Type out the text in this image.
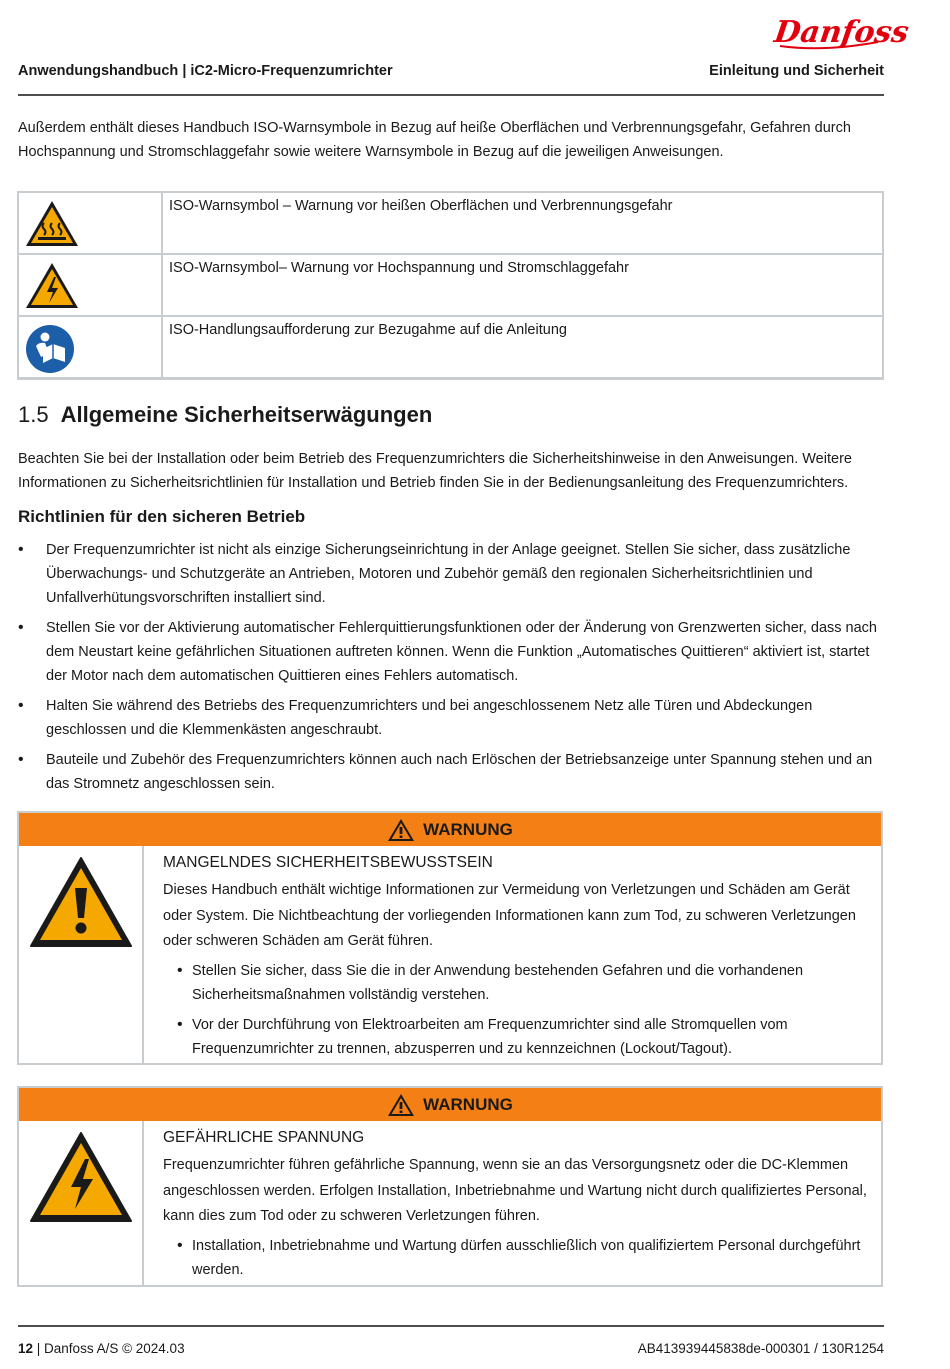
Danfoss
Anwendungshandbuch | iC2-Micro-Frequenzumrichter	Einleitung und Sicherheit
Außerdem enthält dieses Handbuch ISO-Warnsymbole in Bezug auf heiße Oberflächen und Verbrennungsgefahr, Gefahren durch Hochspannung und Stromschlaggefahr sowie weitere Warnsymbole in Bezug auf die jeweiligen Anweisungen.
	ISO-Warnsymbol – Warnung vor heißen Oberflächen und Verbrennungsgefahr

	ISO-Warnsymbol– Warnung vor Hochspannung und Stromschlaggefahr

	ISO-Handlungsaufforderung zur Bezugahme auf die Anleitung
1.5 Allgemeine Sicherheitserwägungen
Beachten Sie bei der Installation oder beim Betrieb des Frequenzumrichters die Sicherheitshinweise in den Anweisungen. Weitere Informationen zu Sicherheitsrichtlinien für Installation und Betrieb finden Sie in der Bedienungsanleitung des Frequenzumrichters.
Richtlinien für den sicheren Betrieb
• Der Frequenzumrichter ist nicht als einzige Sicherungseinrichtung in der Anlage geeignet. Stellen Sie sicher, dass zusätzliche Überwachungs- und Schutzgeräte an Antrieben, Motoren und Zubehör gemäß den regionalen Sicherheitsrichtlinien und Unfallverhütungsvorschriften installiert sind.
• Stellen Sie vor der Aktivierung automatischer Fehlerquittierungsfunktionen oder der Änderung von Grenzwerten sicher, dass nach dem Neustart keine gefährlichen Situationen auftreten können. Wenn die Funktion „Automatisches Quittieren“ aktiviert ist, startet der Motor nach dem automatischen Quittieren eines Fehlers automatisch.
• Halten Sie während des Betriebs des Frequenzumrichters und bei angeschlossenem Netz alle Türen und Abdeckungen geschlossen und die Klemmenkästen angeschraubt.
• Bauteile und Zubehör des Frequenzumrichters können auch nach Erlöschen der Betriebsanzeige unter Spannung stehen und an das Stromnetz angeschlossen sein.
WARNUNG
MANGELNDES SICHERHEITSBEWUSSTSEIN
Dieses Handbuch enthält wichtige Informationen zur Vermeidung von Verletzungen und Schäden am Gerät oder System. Die Nichtbeachtung der vorliegenden Informationen kann zum Tod, zu schweren Verletzungen oder schweren Schäden am Gerät führen.
• Stellen Sie sicher, dass Sie die in der Anwendung bestehenden Gefahren und die vorhandenen Sicherheitsmaßnahmen vollständig verstehen.
• Vor der Durchführung von Elektroarbeiten am Frequenzumrichter sind alle Stromquellen vom Frequenzumrichter zu trennen, abzusperren und zu kennzeichnen (Lockout/Tagout).
WARNUNG
GEFÄHRLICHE SPANNUNG
Frequenzumrichter führen gefährliche Spannung, wenn sie an das Versorgungsnetz oder die DC-Klemmen angeschlossen werden. Erfolgen Installation, Inbetriebnahme und Wartung nicht durch qualifiziertes Personal, kann dies zum Tod oder zu schweren Verletzungen führen.
• Installation, Inbetriebnahme und Wartung dürfen ausschließlich von qualifiziertem Personal durchgeführt werden.
12 | Danfoss A/S © 2024.03	AB413939445838de-000301 / 130R1254
